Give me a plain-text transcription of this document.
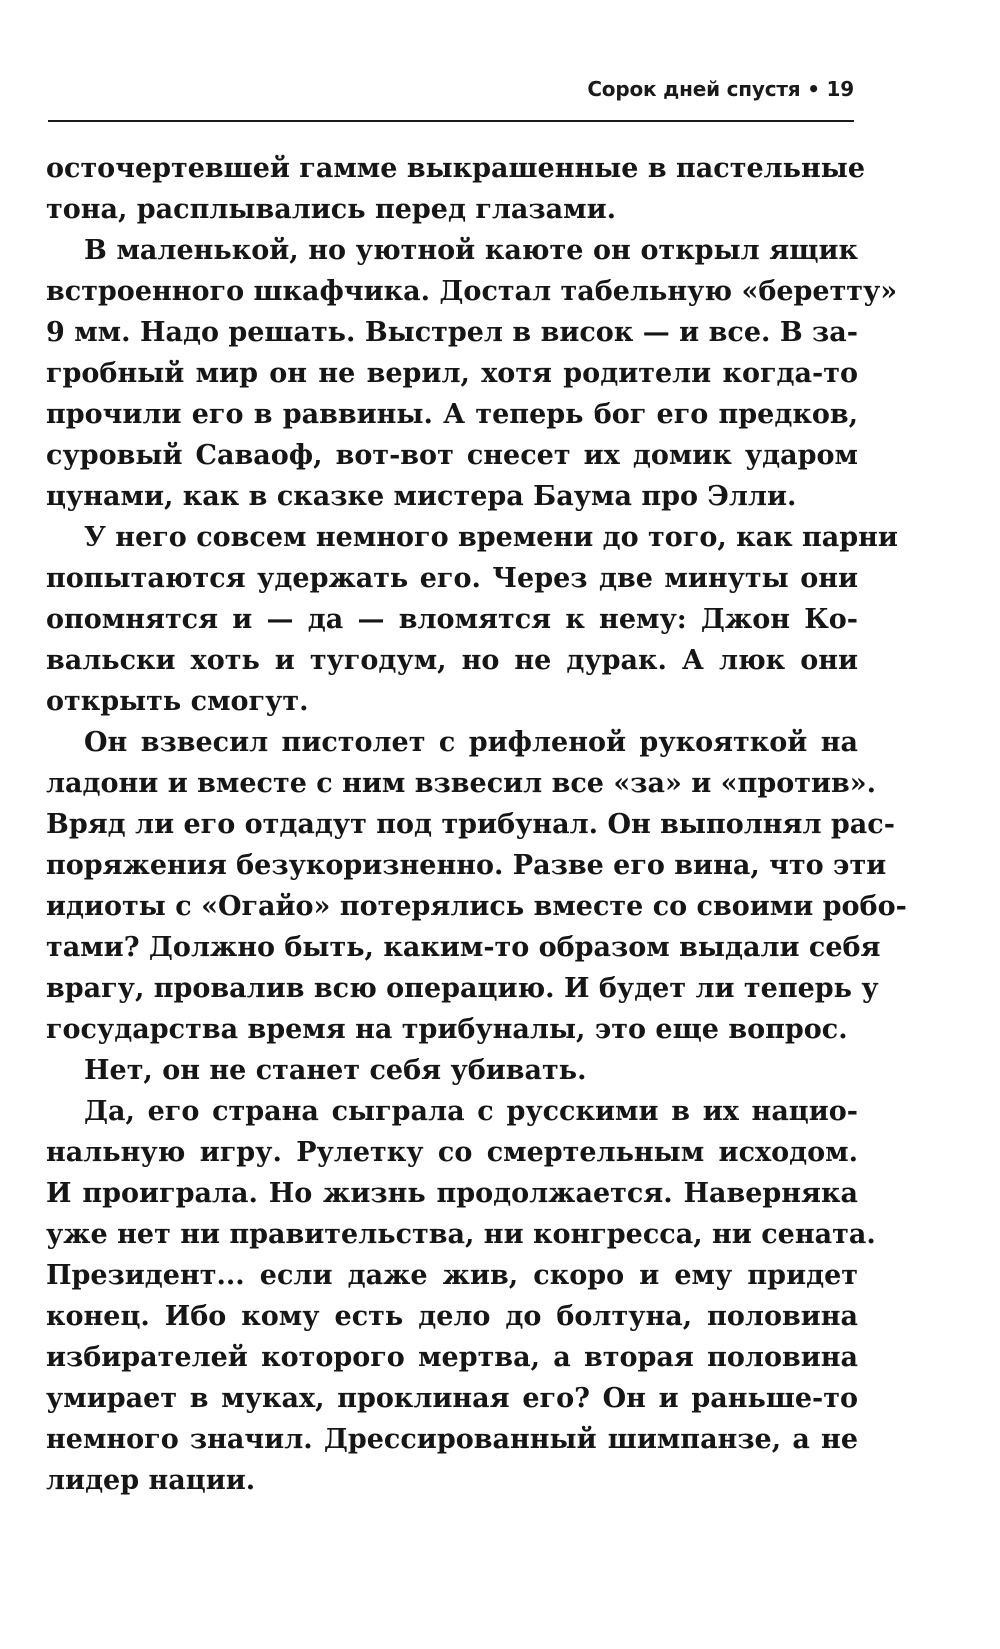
Сорок дней спустя • 19
осточертевшей гамме выкрашенные в пастельные
тона, расплывались перед глазами.
В маленькой, но уютной каюте он открыл ящик
встроенного шкафчика. Достал табельную «беретту»
9 мм. Надо решать. Выстрел в висок — и все. В за-
гробный мир он не верил, хотя родители когда-то
прочили его в раввины. А теперь бог его предков,
суровый Саваоф, вот-вот снесет их домик ударом
цунами, как в сказке мистера Баума про Элли.
У него совсем немного времени до того, как парни
попытаются удержать его. Через две минуты они
опомнятся и — да — вломятся к нему: Джон Ко-
вальски хоть и тугодум, но не дурак. А люк они
открыть смогут.
Он взвесил пистолет с рифленой рукояткой на
ладони и вместе с ним взвесил все «за» и «против».
Вряд ли его отдадут под трибунал. Он выполнял рас-
поряжения безукоризненно. Разве его вина, что эти
идиоты с «Огайо» потерялись вместе со своими робо-
тами? Должно быть, каким-то образом выдали себя
врагу, провалив всю операцию. И будет ли теперь у
государства время на трибуналы, это еще вопрос.
Нет, он не станет себя убивать.
Да, его страна сыграла с русскими в их нацио-
нальную игру. Рулетку со смертельным исходом.
И проиграла. Но жизнь продолжается. Наверняка
уже нет ни правительства, ни конгресса, ни сената.
Президент... если даже жив, скоро и ему придет
конец. Ибо кому есть дело до болтуна, половина
избирателей которого мертва, а вторая половина
умирает в муках, проклиная его? Он и раньше-то
немного значил. Дрессированный шимпанзе, а не
лидер нации.
